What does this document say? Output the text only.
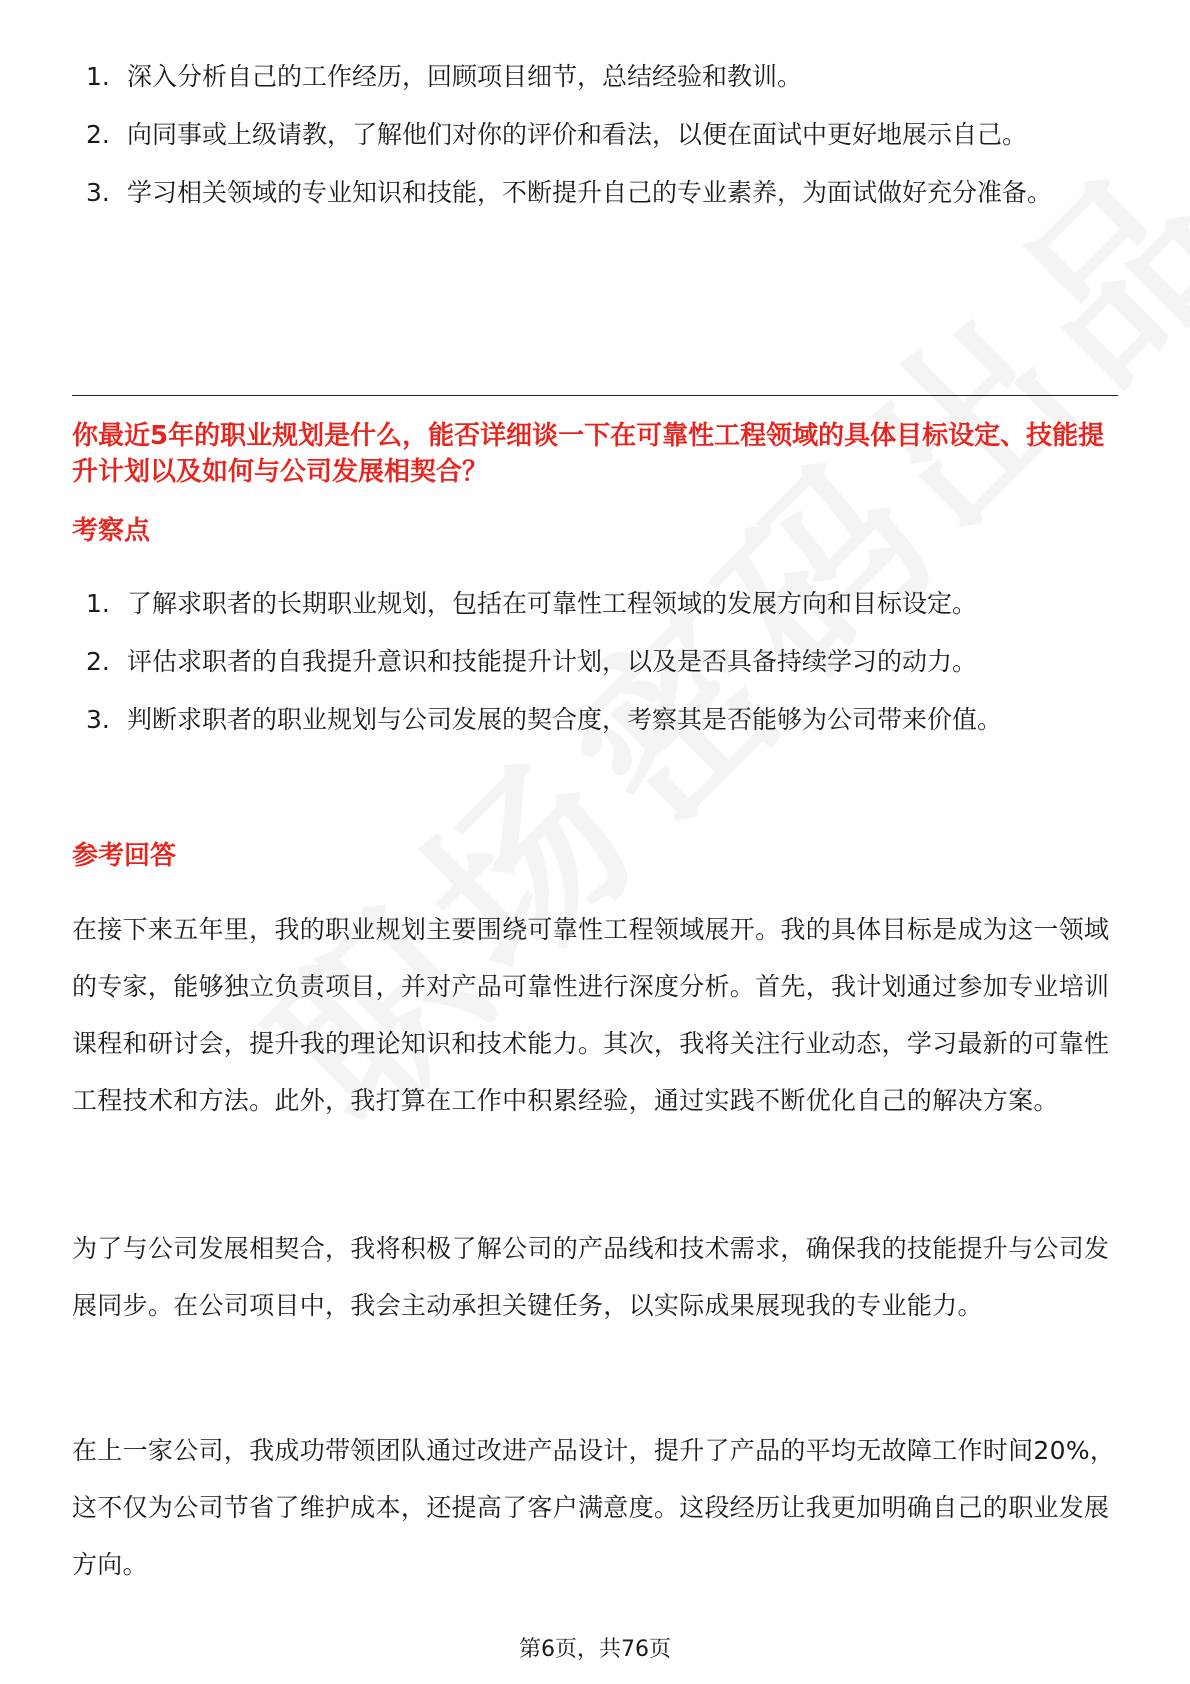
1. 深入分析自己的工作经历，回顾项目细节，总结经验和教训。
2. 向同事或上级请教，了解他们对你的评价和看法，以便在面试中更好地展示自己。
3. 学习相关领域的专业知识和技能，不断提升自己的专业素养，为面试做好充分准备。
你最近5年的职业规划是什么，能否详细谈一下在可靠性工程领域的具体目标设定、技能提升计划以及如何与公司发展相契合？
考察点
1. 了解求职者的长期职业规划，包括在可靠性工程领域的发展方向和目标设定。
2. 评估求职者的自我提升意识和技能提升计划，以及是否具备持续学习的动力。
3. 判断求职者的职业规划与公司发展的契合度，考察其是否能够为公司带来价值。
参考回答

在接下来五年里，我的职业规划主要围绕可靠性工程领域展开。我的具体目标是成为这一领域的专家，能够独立负责项目，并对产品可靠性进行深度分析。首先，我计划通过参加专业培训课程和研讨会，提升我的理论知识和技术能力。其次，我将关注行业动态，学习最新的可靠性工程技术和方法。此外，我打算在工作中积累经验，通过实践不断优化自己的解决方案。

为了与公司发展相契合，我将积极了解公司的产品线和技术需求，确保我的技能提升与公司发展同步。在公司项目中，我会主动承担关键任务，以实际成果展现我的专业能力。

在上一家公司，我成功带领团队通过改进产品设计，提升了产品的平均无故障工作时间20%，这不仅为公司节省了维护成本，还提高了客户满意度。这段经历让我更加明确自己的职业发展方向。

第6页，共76页
